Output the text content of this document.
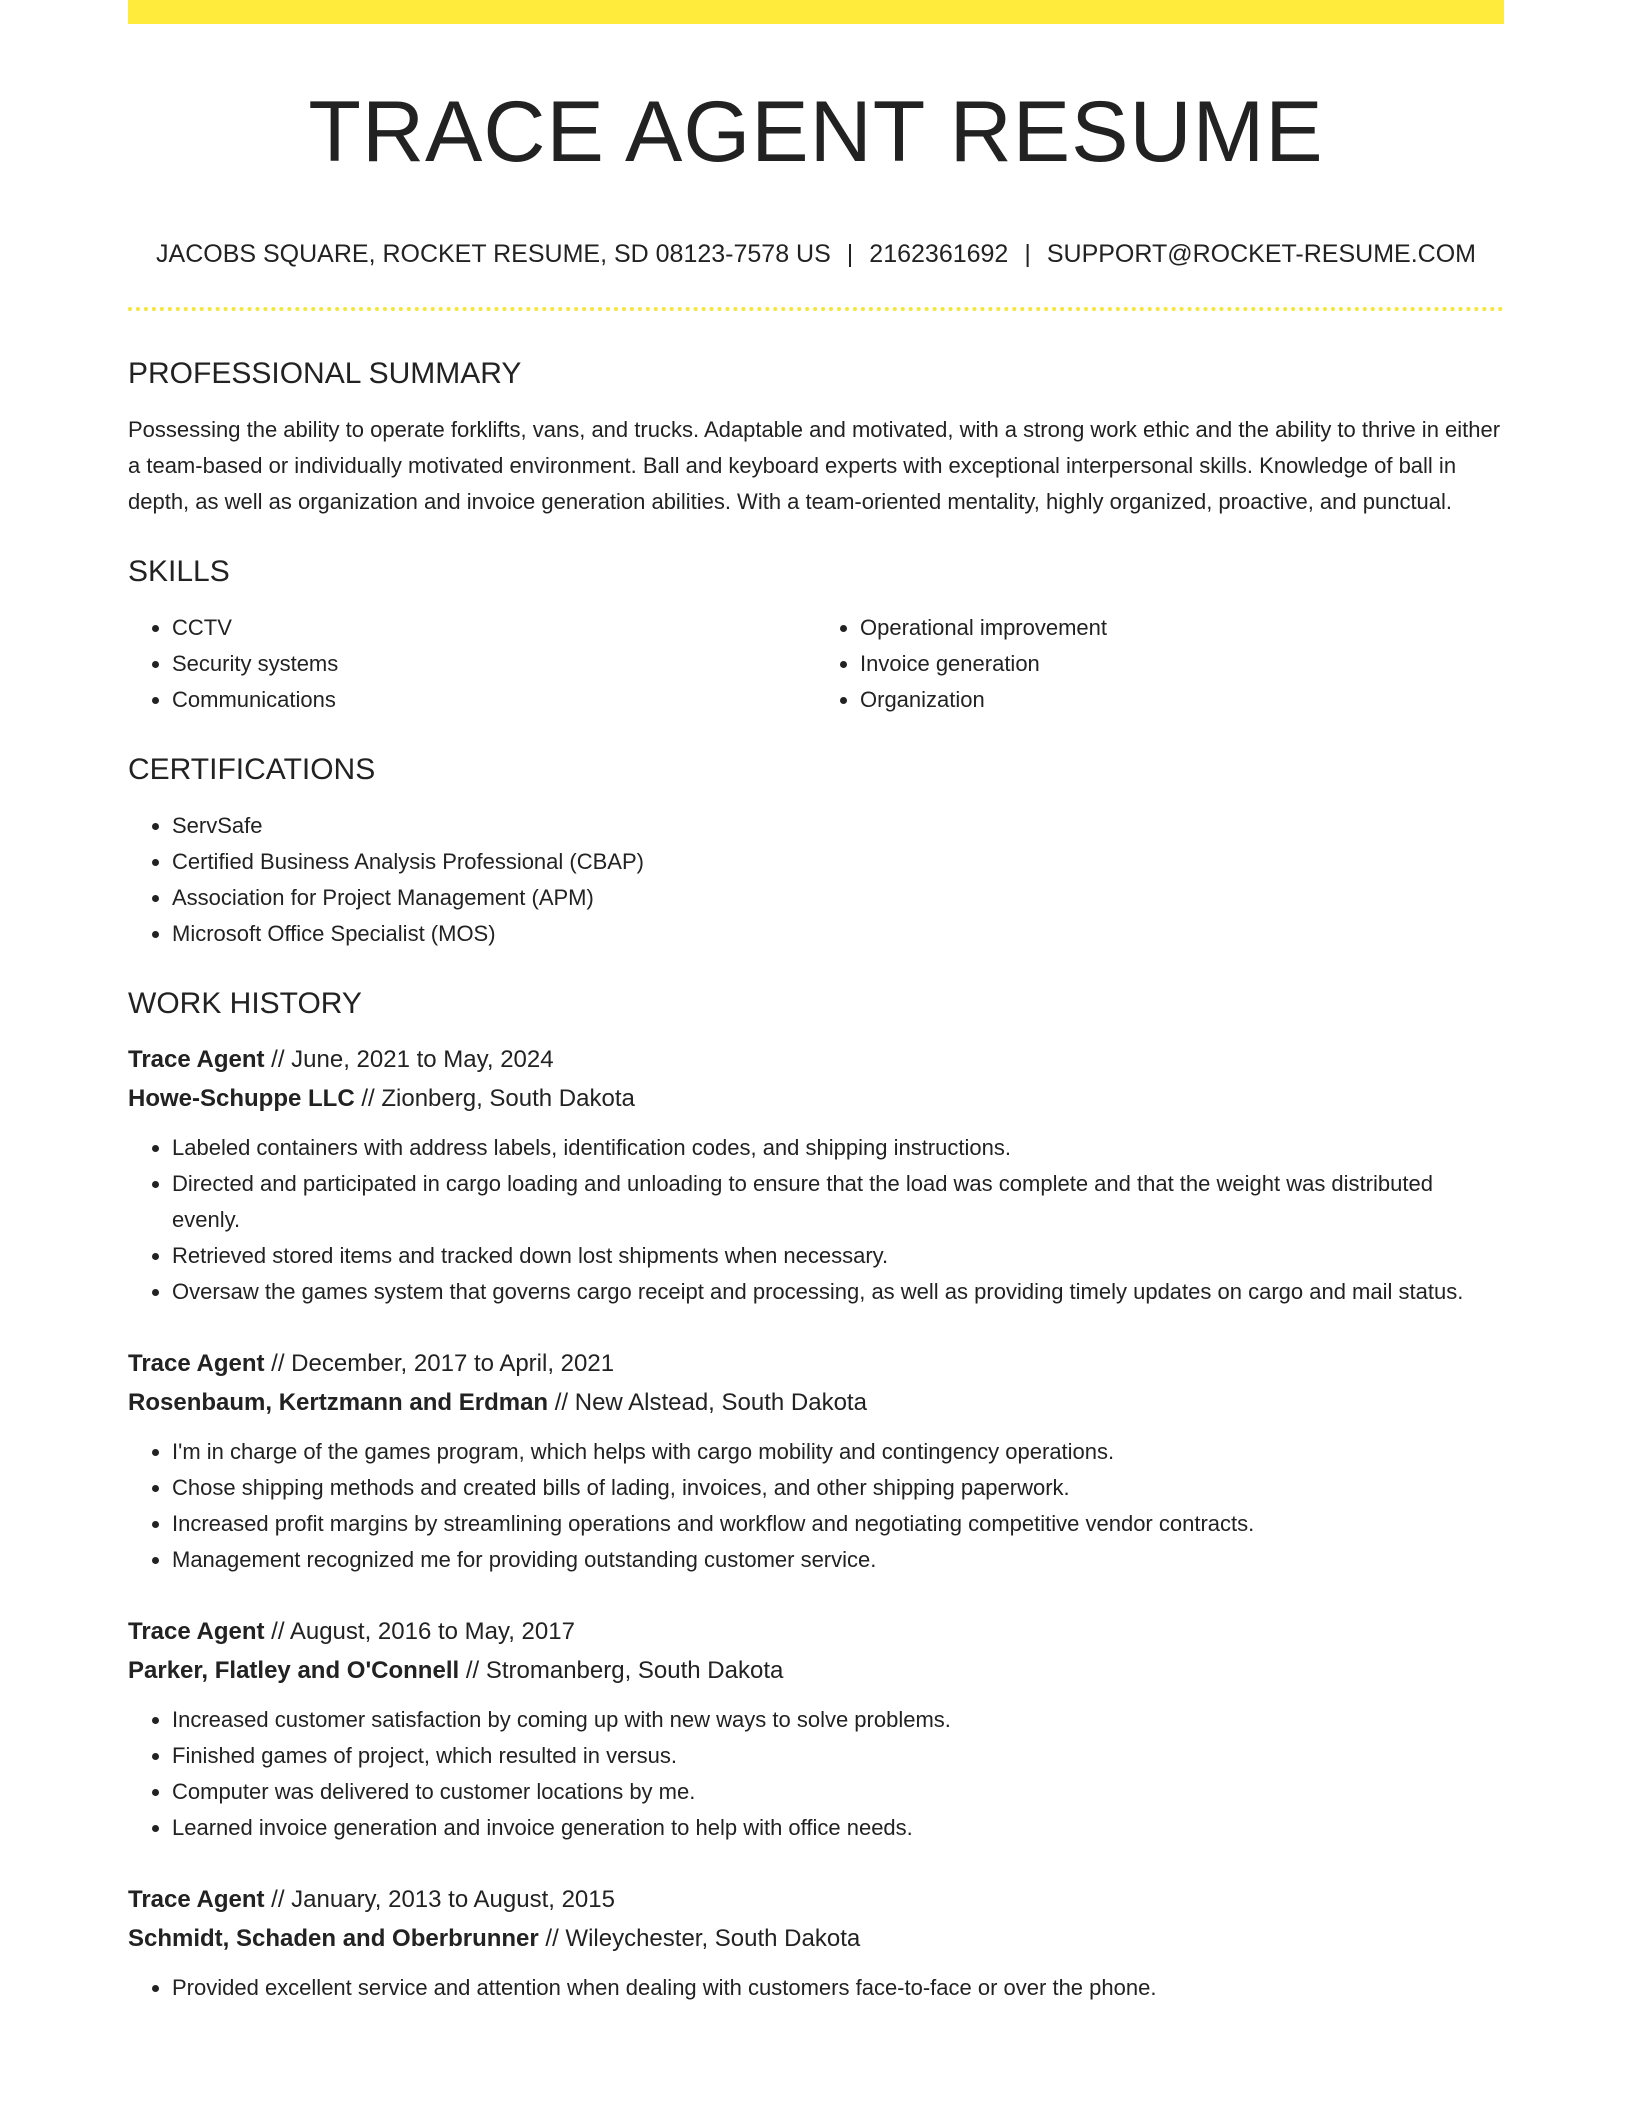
TRACE AGENT RESUME
JACOBS SQUARE, ROCKET RESUME, SD 08123-7578 US | 2162361692 | SUPPORT@ROCKET-RESUME.COM
PROFESSIONAL SUMMARY

Possessing the ability to operate forklifts, vans, and trucks. Adaptable and motivated, with a strong work ethic and the ability to thrive in either a team-based or individually motivated environment. Ball and keyboard experts with exceptional interpersonal skills. Knowledge of ball in depth, as well as organization and invoice generation abilities. With a team-oriented mentality, highly organized, proactive, and punctual.

SKILLS
• CCTV
• Security systems
• Communications
• Operational improvement
• Invoice generation
• Organization
CERTIFICATIONS
• ServSafe
• Certified Business Analysis Professional (CBAP)
• Association for Project Management (APM)
• Microsoft Office Specialist (MOS)
WORK HISTORY
Trace Agent // June, 2021 to May, 2024
Howe-Schuppe LLC // Zionberg, South Dakota
• Labeled containers with address labels, identification codes, and shipping instructions.
• Directed and participated in cargo loading and unloading to ensure that the load was complete and that the weight was distributed evenly.
• Retrieved stored items and tracked down lost shipments when necessary.
• Oversaw the games system that governs cargo receipt and processing, as well as providing timely updates on cargo and mail status.
Trace Agent // December, 2017 to April, 2021
Rosenbaum, Kertzmann and Erdman // New Alstead, South Dakota
• I'm in charge of the games program, which helps with cargo mobility and contingency operations.
• Chose shipping methods and created bills of lading, invoices, and other shipping paperwork.
• Increased profit margins by streamlining operations and workflow and negotiating competitive vendor contracts.
• Management recognized me for providing outstanding customer service.
Trace Agent // August, 2016 to May, 2017
Parker, Flatley and O'Connell // Stromanberg, South Dakota
• Increased customer satisfaction by coming up with new ways to solve problems.
• Finished games of project, which resulted in versus.
• Computer was delivered to customer locations by me.
• Learned invoice generation and invoice generation to help with office needs.
Trace Agent // January, 2013 to August, 2015
Schmidt, Schaden and Oberbrunner // Wileychester, South Dakota
• Provided excellent service and attention when dealing with customers face-to-face or over the phone.
